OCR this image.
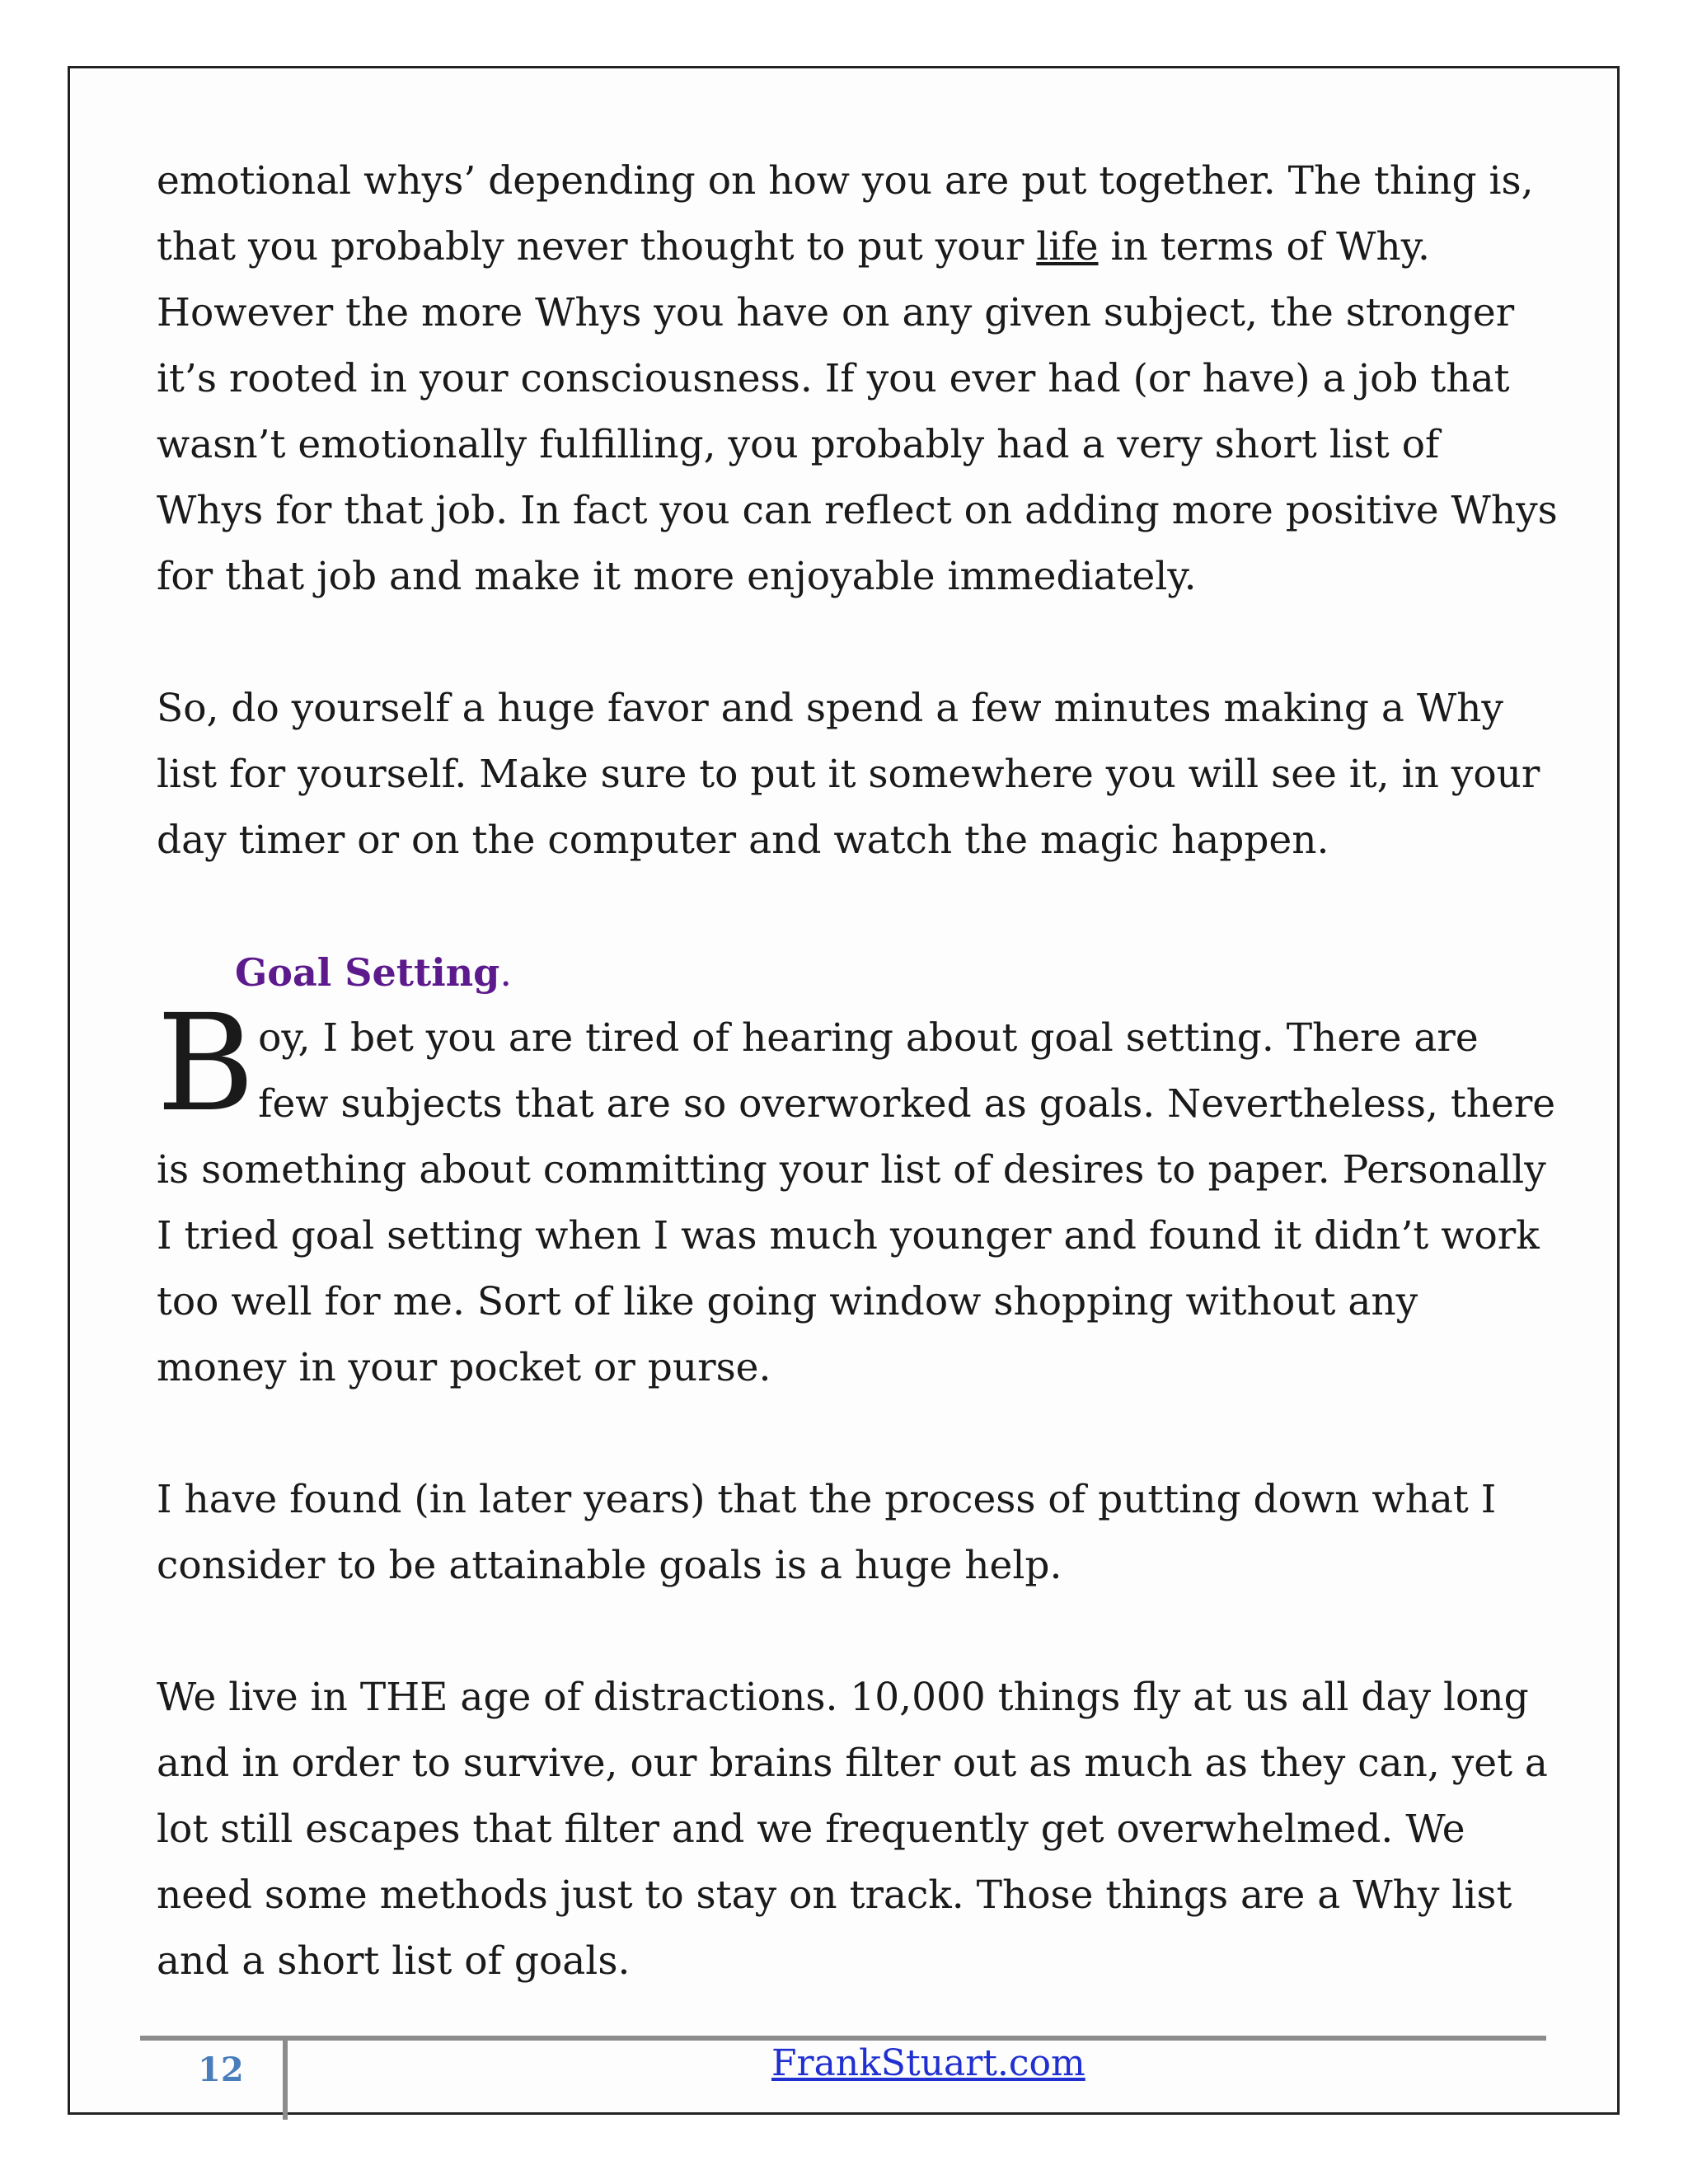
emotional whys’ depending on how you are put together. The thing is, that you probably never thought to put your life in terms of Why. However the more Whys you have on any given subject, the stronger it’s rooted in your consciousness. If you ever had (or have) a job that wasn’t emotionally fulfilling, you probably had a very short list of Whys for that job. In fact you can reflect on adding more positive Whys for that job and make it more enjoyable immediately.

So, do yourself a huge favor and spend a few minutes making a Why list for yourself. Make sure to put it somewhere you will see it, in your day timer or on the computer and watch the magic happen.

Goal Setting.

Boy, I bet you are tired of hearing about goal setting. There are few subjects that are so overworked as goals. Nevertheless, there is something about committing your list of desires to paper. Personally I tried goal setting when I was much younger and found it didn’t work too well for me. Sort of like going window shopping without any money in your pocket or purse.

I have found (in later years) that the process of putting down what I consider to be attainable goals is a huge help.

We live in THE age of distractions. 10,000 things fly at us all day long and in order to survive, our brains filter out as much as they can, yet a lot still escapes that filter and we frequently get overwhelmed. We need some methods just to stay on track. Those things are a Why list and a short list of goals.

12	FrankStuart.com
